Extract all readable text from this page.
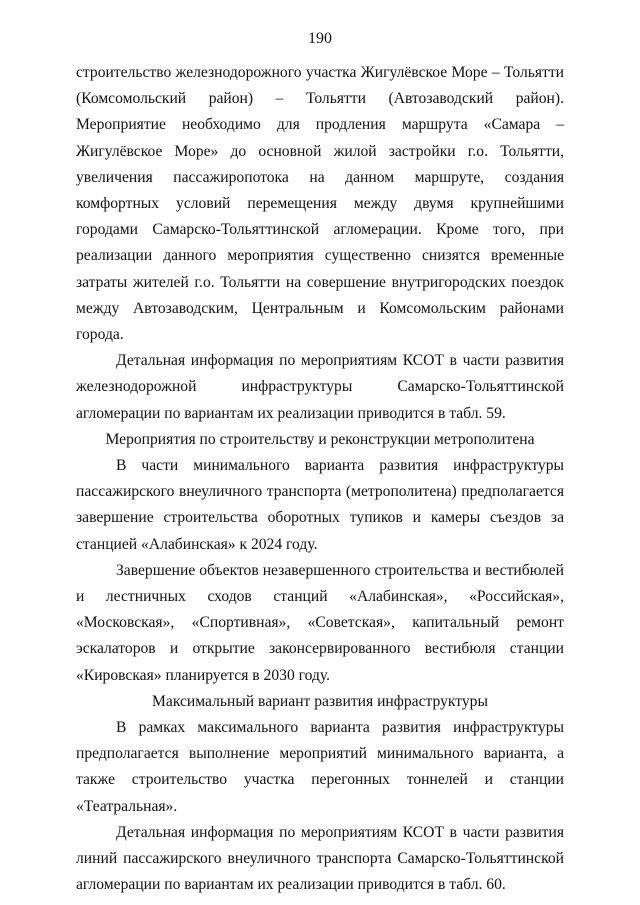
190

строительство железнодорожного участка Жигулёвское Море – Тольятти (Комсомольский район) – Тольятти (Автозаводский район). Мероприятие необходимо для продления маршрута «Самара – Жигулёвское Море» до основной жилой застройки г.о. Тольятти, увеличения пассажиропотока на данном маршруте, создания комфортных условий перемещения между двумя крупнейшими городами Самарско-Тольяттинской агломерации. Кроме того, при реализации данного мероприятия существенно снизятся временные затраты жителей г.о. Тольятти на совершение внутригородских поездок между Автозаводским, Центральным и Комсомольским районами города.

Детальная информация по мероприятиям КСОТ в части развития железнодорожной инфраструктуры Самарско-Тольяттинской агломерации по вариантам их реализации приводится в табл. 59.

Мероприятия по строительству и реконструкции метрополитена

В части минимального варианта развития инфраструктуры пассажирского внеуличного транспорта (метрополитена) предполагается завершение строительства оборотных тупиков и камеры съездов за станцией «Алабинская» к 2024 году.

Завершение объектов незавершенного строительства и вестибюлей и лестничных сходов станций «Алабинская», «Российская», «Московская», «Спортивная», «Советская», капитальный ремонт эскалаторов и открытие законсервированного вестибюля станции «Кировская» планируется в 2030 году.

Максимальный вариант развития инфраструктуры

В рамках максимального варианта развития инфраструктуры предполагается выполнение мероприятий минимального варианта, а также строительство участка перегонных тоннелей и станции «Театральная».

Детальная информация по мероприятиям КСОТ в части развития линий пассажирского внеуличного транспорта Самарско-Тольяттинской агломерации по вариантам их реализации приводится в табл. 60.
